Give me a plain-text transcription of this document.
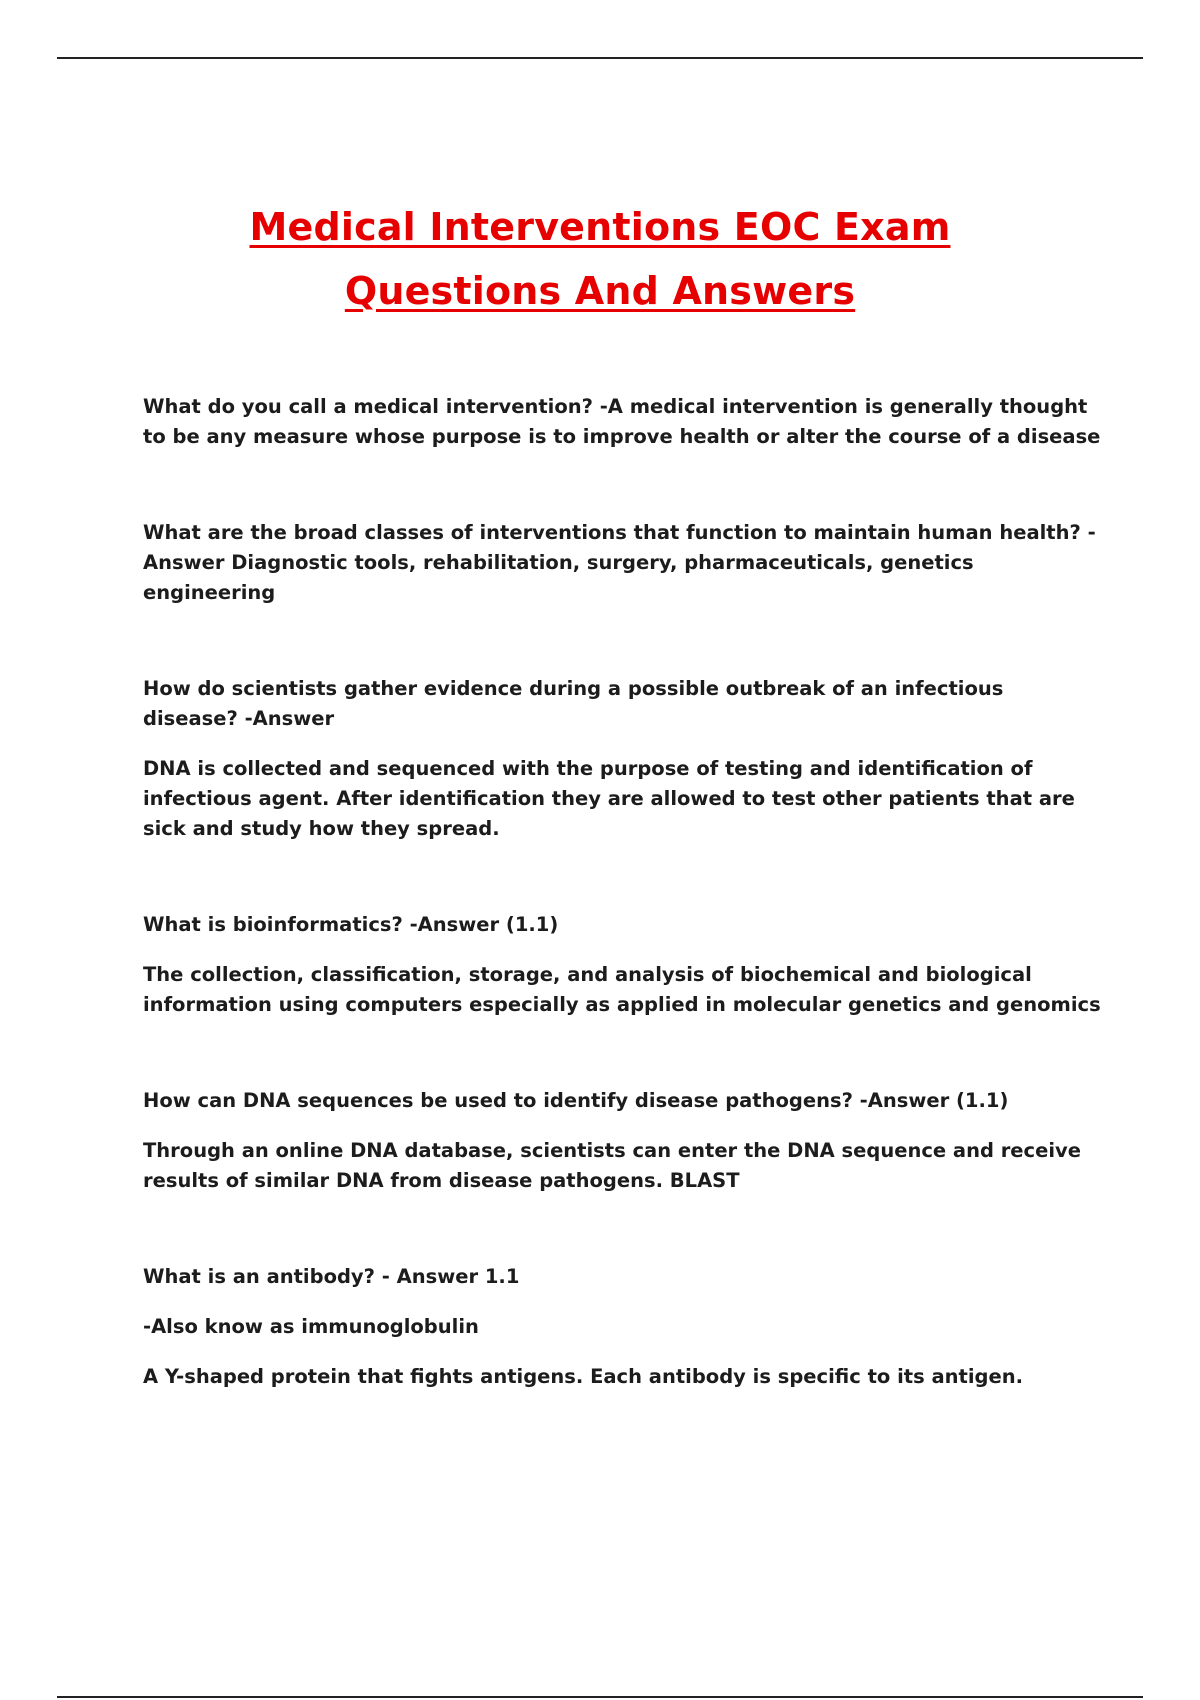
Medical Interventions EOC Exam
Questions And Answers

What do you call a medical intervention? -A medical intervention is generally thought to be any measure whose purpose is to improve health or alter the course of a disease

What are the broad classes of interventions that function to maintain human health? -Answer Diagnostic tools, rehabilitation, surgery, pharmaceuticals, genetics engineering

How do scientists gather evidence during a possible outbreak of an infectious disease? -Answer

DNA is collected and sequenced with the purpose of testing and identification of infectious agent. After identification they are allowed to test other patients that are sick and study how they spread.

What is bioinformatics? -Answer (1.1)

The collection, classification, storage, and analysis of biochemical and biological information using computers especially as applied in molecular genetics and genomics

How can DNA sequences be used to identify disease pathogens? -Answer (1.1)

Through an online DNA database, scientists can enter the DNA sequence and receive results of similar DNA from disease pathogens. BLAST

What is an antibody? - Answer 1.1

-Also know as immunoglobulin

A Y-shaped protein that fights antigens. Each antibody is specific to its antigen.
